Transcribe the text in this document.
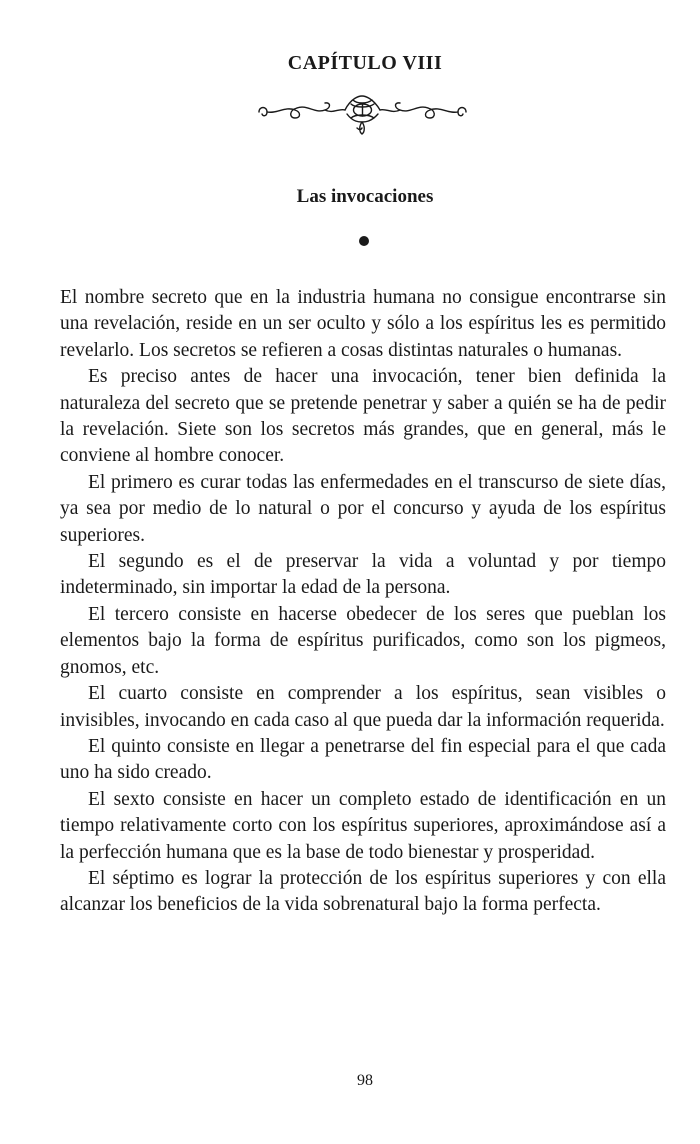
CAPÍTULO VIII
Las invocaciones

El nombre secreto que en la industria humana no consigue encontrarse sin una revelación, reside en un ser oculto y sólo a los espíritus les es permitido revelarlo. Los secretos se refieren a cosas distintas naturales o humanas.

Es preciso antes de hacer una invocación, tener bien definida la naturaleza del secreto que se pretende penetrar y saber a quién se ha de pedir la revelación. Siete son los secretos más grandes, que en general, más le conviene al hombre conocer.

El primero es curar todas las enfermedades en el transcurso de siete días, ya sea por medio de lo natural o por el concurso y ayuda de los espíritus superiores.

El segundo es el de preservar la vida a voluntad y por tiempo indeterminado, sin importar la edad de la persona.

El tercero consiste en hacerse obedecer de los seres que pueblan los elementos bajo la forma de espíritus purificados, como son los pigmeos, gnomos, etc.

El cuarto consiste en comprender a los espíritus, sean visibles o invisibles, invocando en cada caso al que pueda dar la información requerida.

El quinto consiste en llegar a penetrarse del fin especial para el que cada uno ha sido creado.

El sexto consiste en hacer un completo estado de identificación en un tiempo relativamente corto con los espíritus superiores, aproximándose así a la perfección humana que es la base de todo bienestar y prosperidad.

El séptimo es lograr la protección de los espíritus superiores y con ella alcanzar los beneficios de la vida sobrenatural bajo la forma perfecta.

98
